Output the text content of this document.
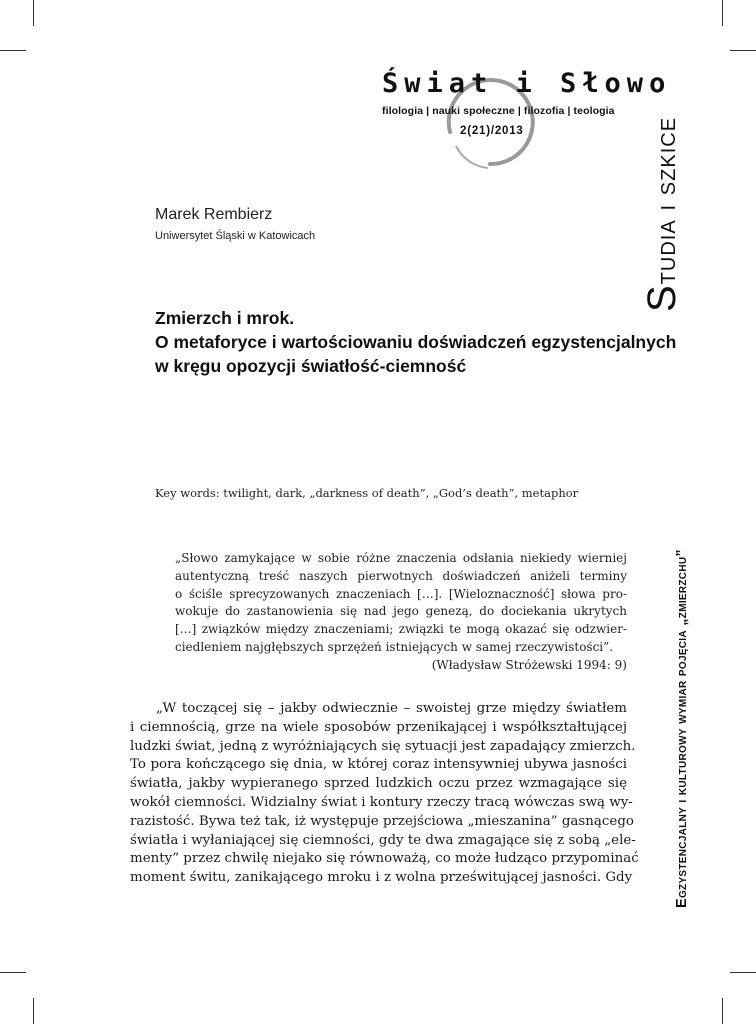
Świat i Słowo
filologia | nauki społeczne | filozofia | teologia
2(21)/2013
Studia i szkice
Egzystencjalny i kulturowy wymiar pojęcia „zmierzchu”
Marek Rembierz
Uniwersytet Śląski w Katowicach
Zmierzch i mrok.
O metaforyce i wartościowaniu doświadczeń egzystencjalnych
w kręgu opozycji światłość-ciemność
Key words: twilight, dark, „darkness of death”, „God’s death”, metaphor
„Słowo zamykające w sobie różne znaczenia odsłania niekiedy wierniej
autentyczną treść naszych pierwotnych doświadczeń aniżeli terminy
o ściśle sprecyzowanych znaczeniach […]. [Wieloznaczność] słowa pro-
wokuje do zastanowienia się nad jego genezą, do dociekania ukrytych
[…] związków między znaczeniami; związki te mogą okazać się odzwier-
ciedleniem najgłębszych sprzężeń istniejących w samej rzeczywistości”.
(Władysław Stróżewski 1994: 9)
„W toczącej się – jakby odwiecznie – swoistej grze między światłem
i ciemnością, grze na wiele sposobów przenikającej i współkształtującej
ludzki świat, jedną z wyróżniających się sytuacji jest zapadający zmierzch.
To pora kończącego się dnia, w której coraz intensywniej ubywa jasności
światła, jakby wypieranego sprzed ludzkich oczu przez wzmagające się
wokół ciemności. Widzialny świat i kontury rzeczy tracą wówczas swą wy-
razistość. Bywa też tak, iż występuje przejściowa „mieszanina” gasnącego
światła i wyłaniającej się ciemności, gdy te dwa zmagające się z sobą „ele-
menty” przez chwilę niejako się równoważą, co może łudząco przypominać
moment świtu, zanikającego mroku i z wolna prześwitującej jasności. Gdy
